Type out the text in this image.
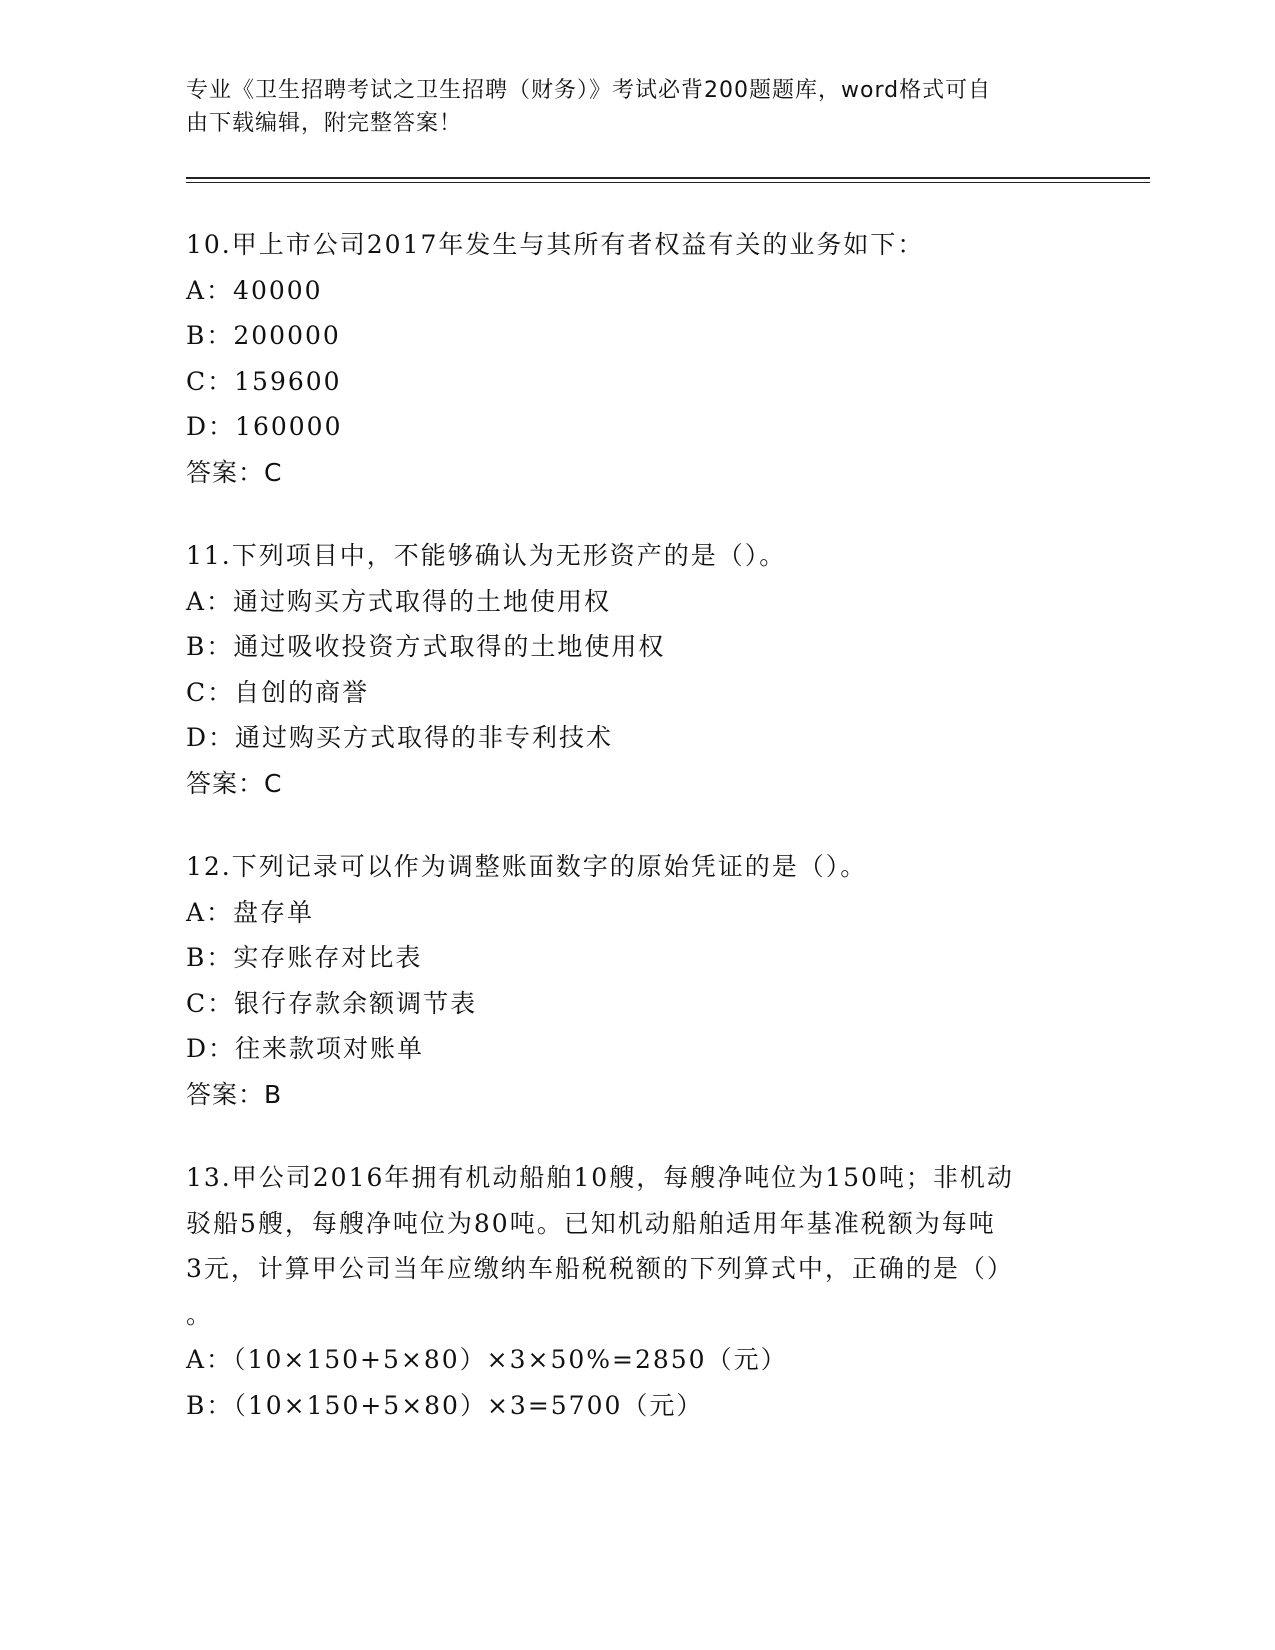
专业《卫生招聘考试之卫生招聘（财务）》考试必背200题题库，word格式可自
由下载编辑，附完整答案！
10.甲上市公司2017年发生与其所有者权益有关的业务如下：
A：40000
B：200000
C：159600
D：160000
答案：C
11.下列项目中，不能够确认为无形资产的是（）。
A：通过购买方式取得的土地使用权
B：通过吸收投资方式取得的土地使用权
C：自创的商誉
D：通过购买方式取得的非专利技术
答案：C
12.下列记录可以作为调整账面数字的原始凭证的是（）。
A：盘存单
B：实存账存对比表
C：银行存款余额调节表
D：往来款项对账单
答案：B
13.甲公司2016年拥有机动船舶10艘，每艘净吨位为150吨；非机动
驳船5艘，每艘净吨位为80吨。已知机动船舶适用年基准税额为每吨
3元，计算甲公司当年应缴纳车船税税额的下列算式中，正确的是（）
。
A：（10×150+5×80）×3×50%=2850（元）
B：（10×150+5×80）×3=5700（元）
